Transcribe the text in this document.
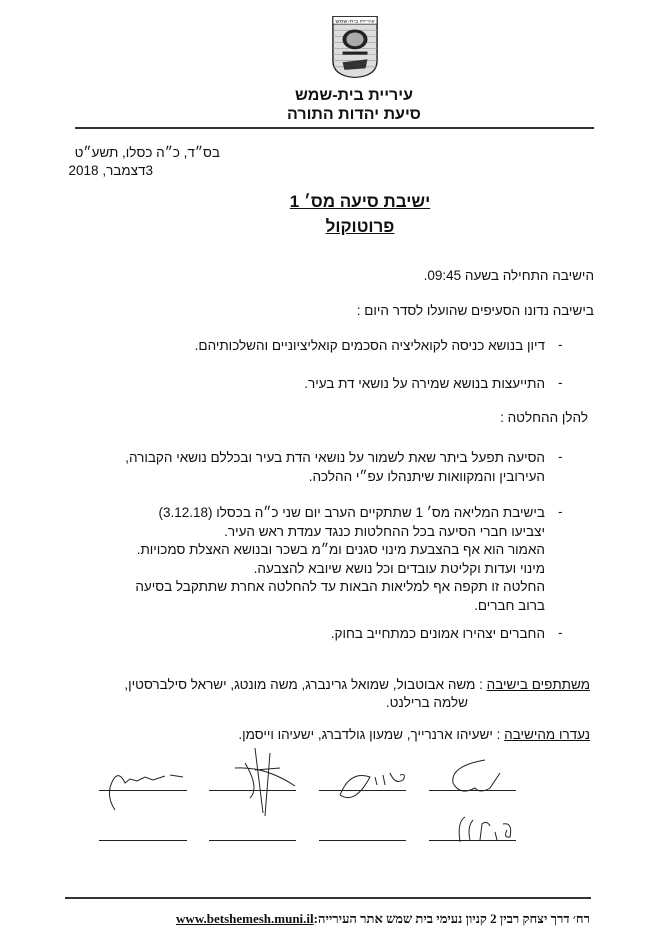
עיריית בית-שמש
עיריית בית-שמש
סיעת יהדות התורה
בס״ד, כ״ה כסלו, תשע״ט
3דצמבר, 2018
ישיבת סיעה מס׳ 1
פרוטוקול
הישיבה התחילה בשעה 09:45.
בישיבה נדונו הסעיפים שהועלו לסדר היום :
-
דיון בנושא כניסה לקואליציה הסכמים קואליציוניים והשלכותיהם.
-
התייעצות בנושא שמירה על נושאי דת בעיר.
להלן ההחלטה :
-
הסיעה תפעל ביתר שאת לשמור על נושאי הדת בעיר ובכללם נושאי הקבורה,
העירובין והמקוואות שיתנהלו עפ״י ההלכה.
-
בישיבת המליאה מס׳ 1 שתתקיים הערב יום שני כ״ה בכסלו (3.12.18)
יצביעו חברי הסיעה בכל ההחלטות כנגד עמדת ראש העיר.
האמור הוא אף בהצבעת מינוי סגנים ומ״מ בשכר ובנושא האצלת סמכויות.
מינוי ועדות וקליטת עובדים וכל נושא שיובא להצבעה.
החלטה זו תקפה אף למליאות הבאות עד להחלטה אחרת שתתקבל בסיעה
ברוב חברים.
-
החברים יצהירו אמונים כמתחייב בחוק.
משתתפים בישיבה : משה אבוטבול, שמואל גרינברג, משה מונטג, ישראל סילברסטין,
שלמה ברילנט.
נעדרו מהישיבה : ישעיהו ארנרייך, שמעון גולדברג, ישעיהו וייסמן.
רח׳ דרך יצחק רבין 2 קניון נעימי בית שמש אתר העירייה:www.betshemesh.muni.il
